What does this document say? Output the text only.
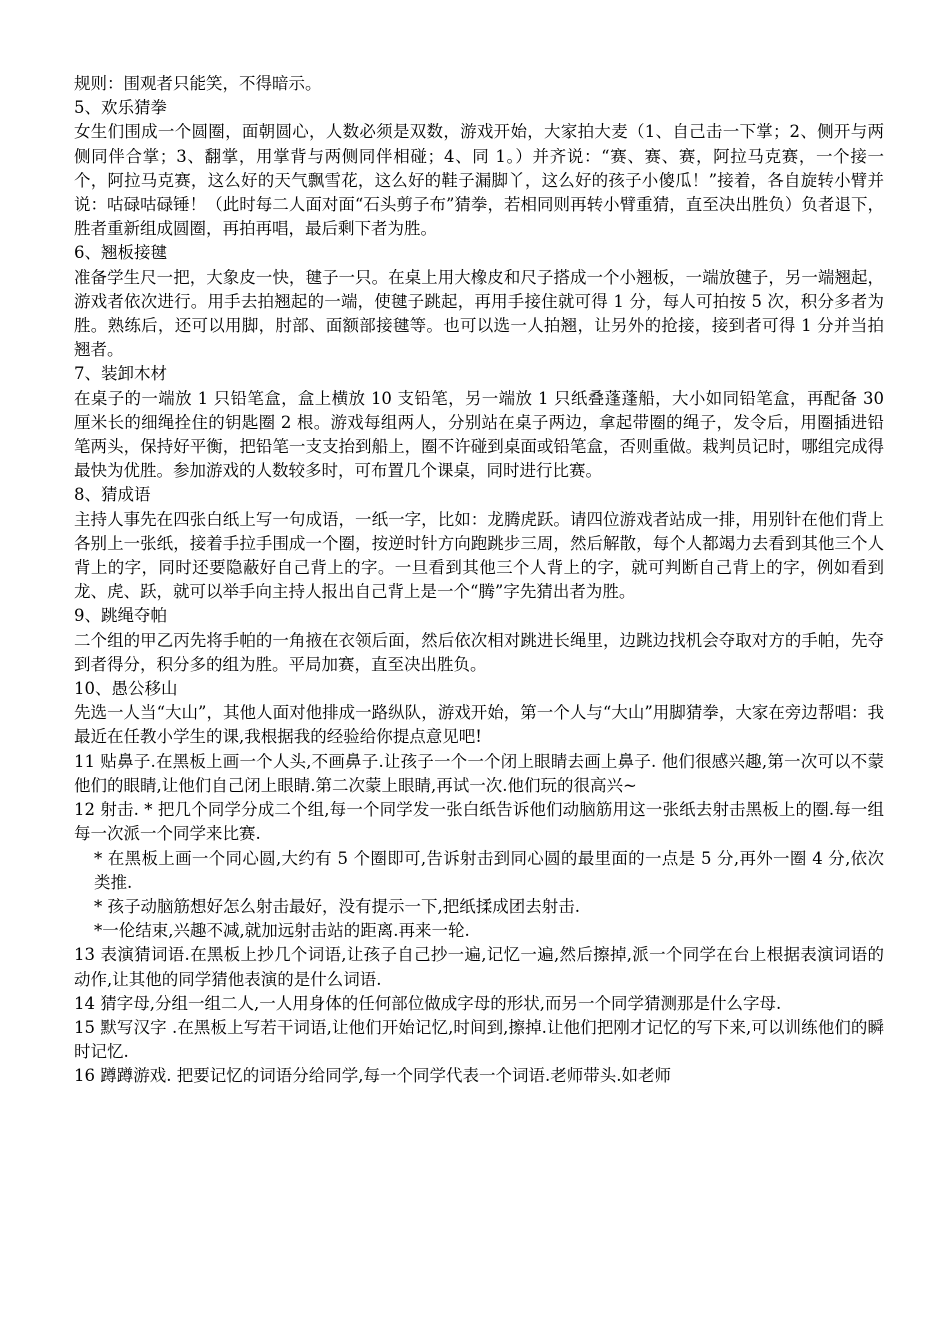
规则：围观者只能笑，不得暗示。

5、欢乐猜拳

女生们围成一个圆圈，面朝圆心，人数必须是双数，游戏开始，大家拍大麦（1、自己击一下掌；2、侧开与两侧同伴合掌；3、翻掌，用掌背与两侧同伴相碰；4、同 1。）并齐说：“赛、赛、赛，阿拉马克赛，一个接一个，阿拉马克赛，这么好的天气飘雪花，这么好的鞋子漏脚丫，这么好的孩子小傻瓜！”接着，各自旋转小臂并说：咕碌咕碌锤！（此时每二人面对面“石头剪子布”猜拳，若相同则再转小臂重猜，直至决出胜负）负者退下，胜者重新组成圆圈，再拍再唱，最后剩下者为胜。

6、翘板接毽

准备学生尺一把，大象皮一快，毽子一只。在桌上用大橡皮和尺子搭成一个小翘板，一端放毽子，另一端翘起，游戏者依次进行。用手去拍翘起的一端，使毽子跳起，再用手接住就可得 1 分，每人可拍按 5 次，积分多者为胜。熟练后，还可以用脚，肘部、面额部接毽等。也可以选一人拍翘，让另外的抢接，接到者可得 1 分并当拍翘者。

7、装卸木材

在桌子的一端放 1 只铅笔盒，盒上横放 10 支铅笔，另一端放 1 只纸叠蓬蓬船，大小如同铅笔盒，再配备 30 厘米长的细绳拴住的钥匙圈 2 根。游戏每组两人，分别站在桌子两边，拿起带圈的绳子，发令后，用圈插进铅笔两头，保持好平衡，把铅笔一支支抬到船上，圈不许碰到桌面或铅笔盒，否则重做。栽判员记时，哪组完成得最快为优胜。参加游戏的人数较多时，可布置几个课桌，同时进行比赛。

8、猜成语

主持人事先在四张白纸上写一句成语，一纸一字，比如：龙腾虎跃。请四位游戏者站成一排，用别针在他们背上各别上一张纸，接着手拉手围成一个圈，按逆时针方向跑跳步三周，然后解散，每个人都竭力去看到其他三个人背上的字，同时还要隐蔽好自己背上的字。一旦看到其他三个人背上的字，就可判断自己背上的字，例如看到龙、虎、跃，就可以举手向主持人报出自己背上是一个“腾”字先猜出者为胜。

9、跳绳夺帕

二个组的甲乙丙先将手帕的一角掖在衣领后面，然后依次相对跳进长绳里，边跳边找机会夺取对方的手帕，先夺到者得分，积分多的组为胜。平局加赛，直至决出胜负。

10、愚公移山

先选一人当“大山”，其他人面对他排成一路纵队，游戏开始，第一个人与“大山”用脚猜拳，大家在旁边帮唱：我最近在任教小学生的课,我根据我的经验给你提点意见吧!

11 贴鼻子.在黑板上画一个人头,不画鼻子.让孩子一个一个闭上眼睛去画上鼻子. 他们很感兴趣,第一次可以不蒙他们的眼睛,让他们自己闭上眼睛.第二次蒙上眼睛,再试一次.他们玩的很高兴~

12 射击. * 把几个同学分成二个组,每一个同学发一张白纸告诉他们动脑筋用这一张纸去射击黑板上的圈.每一组每一次派一个同学来比赛.

* 在黑板上画一个同心圆,大约有 5 个圈即可,告诉射击到同心圆的最里面的一点是 5 分,再外一圈 4 分,依次类推.

* 孩子动脑筋想好怎么射击最好，没有提示一下,把纸揉成团去射击.

*一伦结束,兴趣不减,就加远射击站的距离.再来一轮.

13 表演猜词语.在黑板上抄几个词语,让孩子自己抄一遍,记忆一遍,然后擦掉,派一个同学在台上根据表演词语的动作,让其他的同学猜他表演的是什么词语.

14 猜字母,分组一组二人,一人用身体的任何部位做成字母的形状,而另一个同学猜测那是什么字母.

15 默写汉字 .在黑板上写若干词语,让他们开始记忆,时间到,擦掉.让他们把刚才记忆的写下来,可以训练他们的瞬时记忆.

16 蹲蹲游戏. 把要记忆的词语分给同学,每一个同学代表一个词语.老师带头.如老师
